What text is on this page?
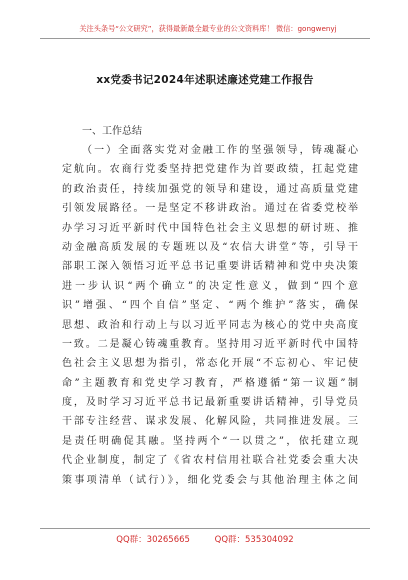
关注头条号“公文研究”，获得最新最全最专业的公文资料库！ 微信：gongwenyj
xx党委书记2024年述职述廉述党建工作报告
一、工作总结
（一）全面落实党对金融工作的坚强领导，铸魂凝心
定航向。农商行党委坚持把党建作为首要政绩，扛起党建
的政治责任，持续加强党的领导和建设，通过高质量党建
引领发展路径。一是坚定不移讲政治。通过在省委党校举
办学习习近平新时代中国特色社会主义思想的研讨班、推
动金融高质发展的专题班以及“农信大讲堂”等，引导干
部职工深入领悟习近平总书记重要讲话精神和党中央决策
进一步认识“两个确立”的决定性意义，做到“四个意
识”增强、“四个自信”坚定、“两个维护”落实，确保
思想、政治和行动上与以习近平同志为核心的党中央高度
一致。二是凝心铸魂重教育。坚持用习近平新时代中国特
色社会主义思想为指引，常态化开展“不忘初心、牢记使
命”主题教育和党史学习教育，严格遵循“第一议题”制
度，及时学习习近平总书记最新重要讲话精神，引导党员
干部专注经营、谋求发展、化解风险，共同推进发展。三
是责任明确促其融。坚持两个“一以贯之”，依托建立现
代企业制度，制定了《省农村信用社联合社党委会重大决
策事项清单（试行）》，细化党委会与其他治理主体之间
QQ群：30265665	QQ群：535304092
